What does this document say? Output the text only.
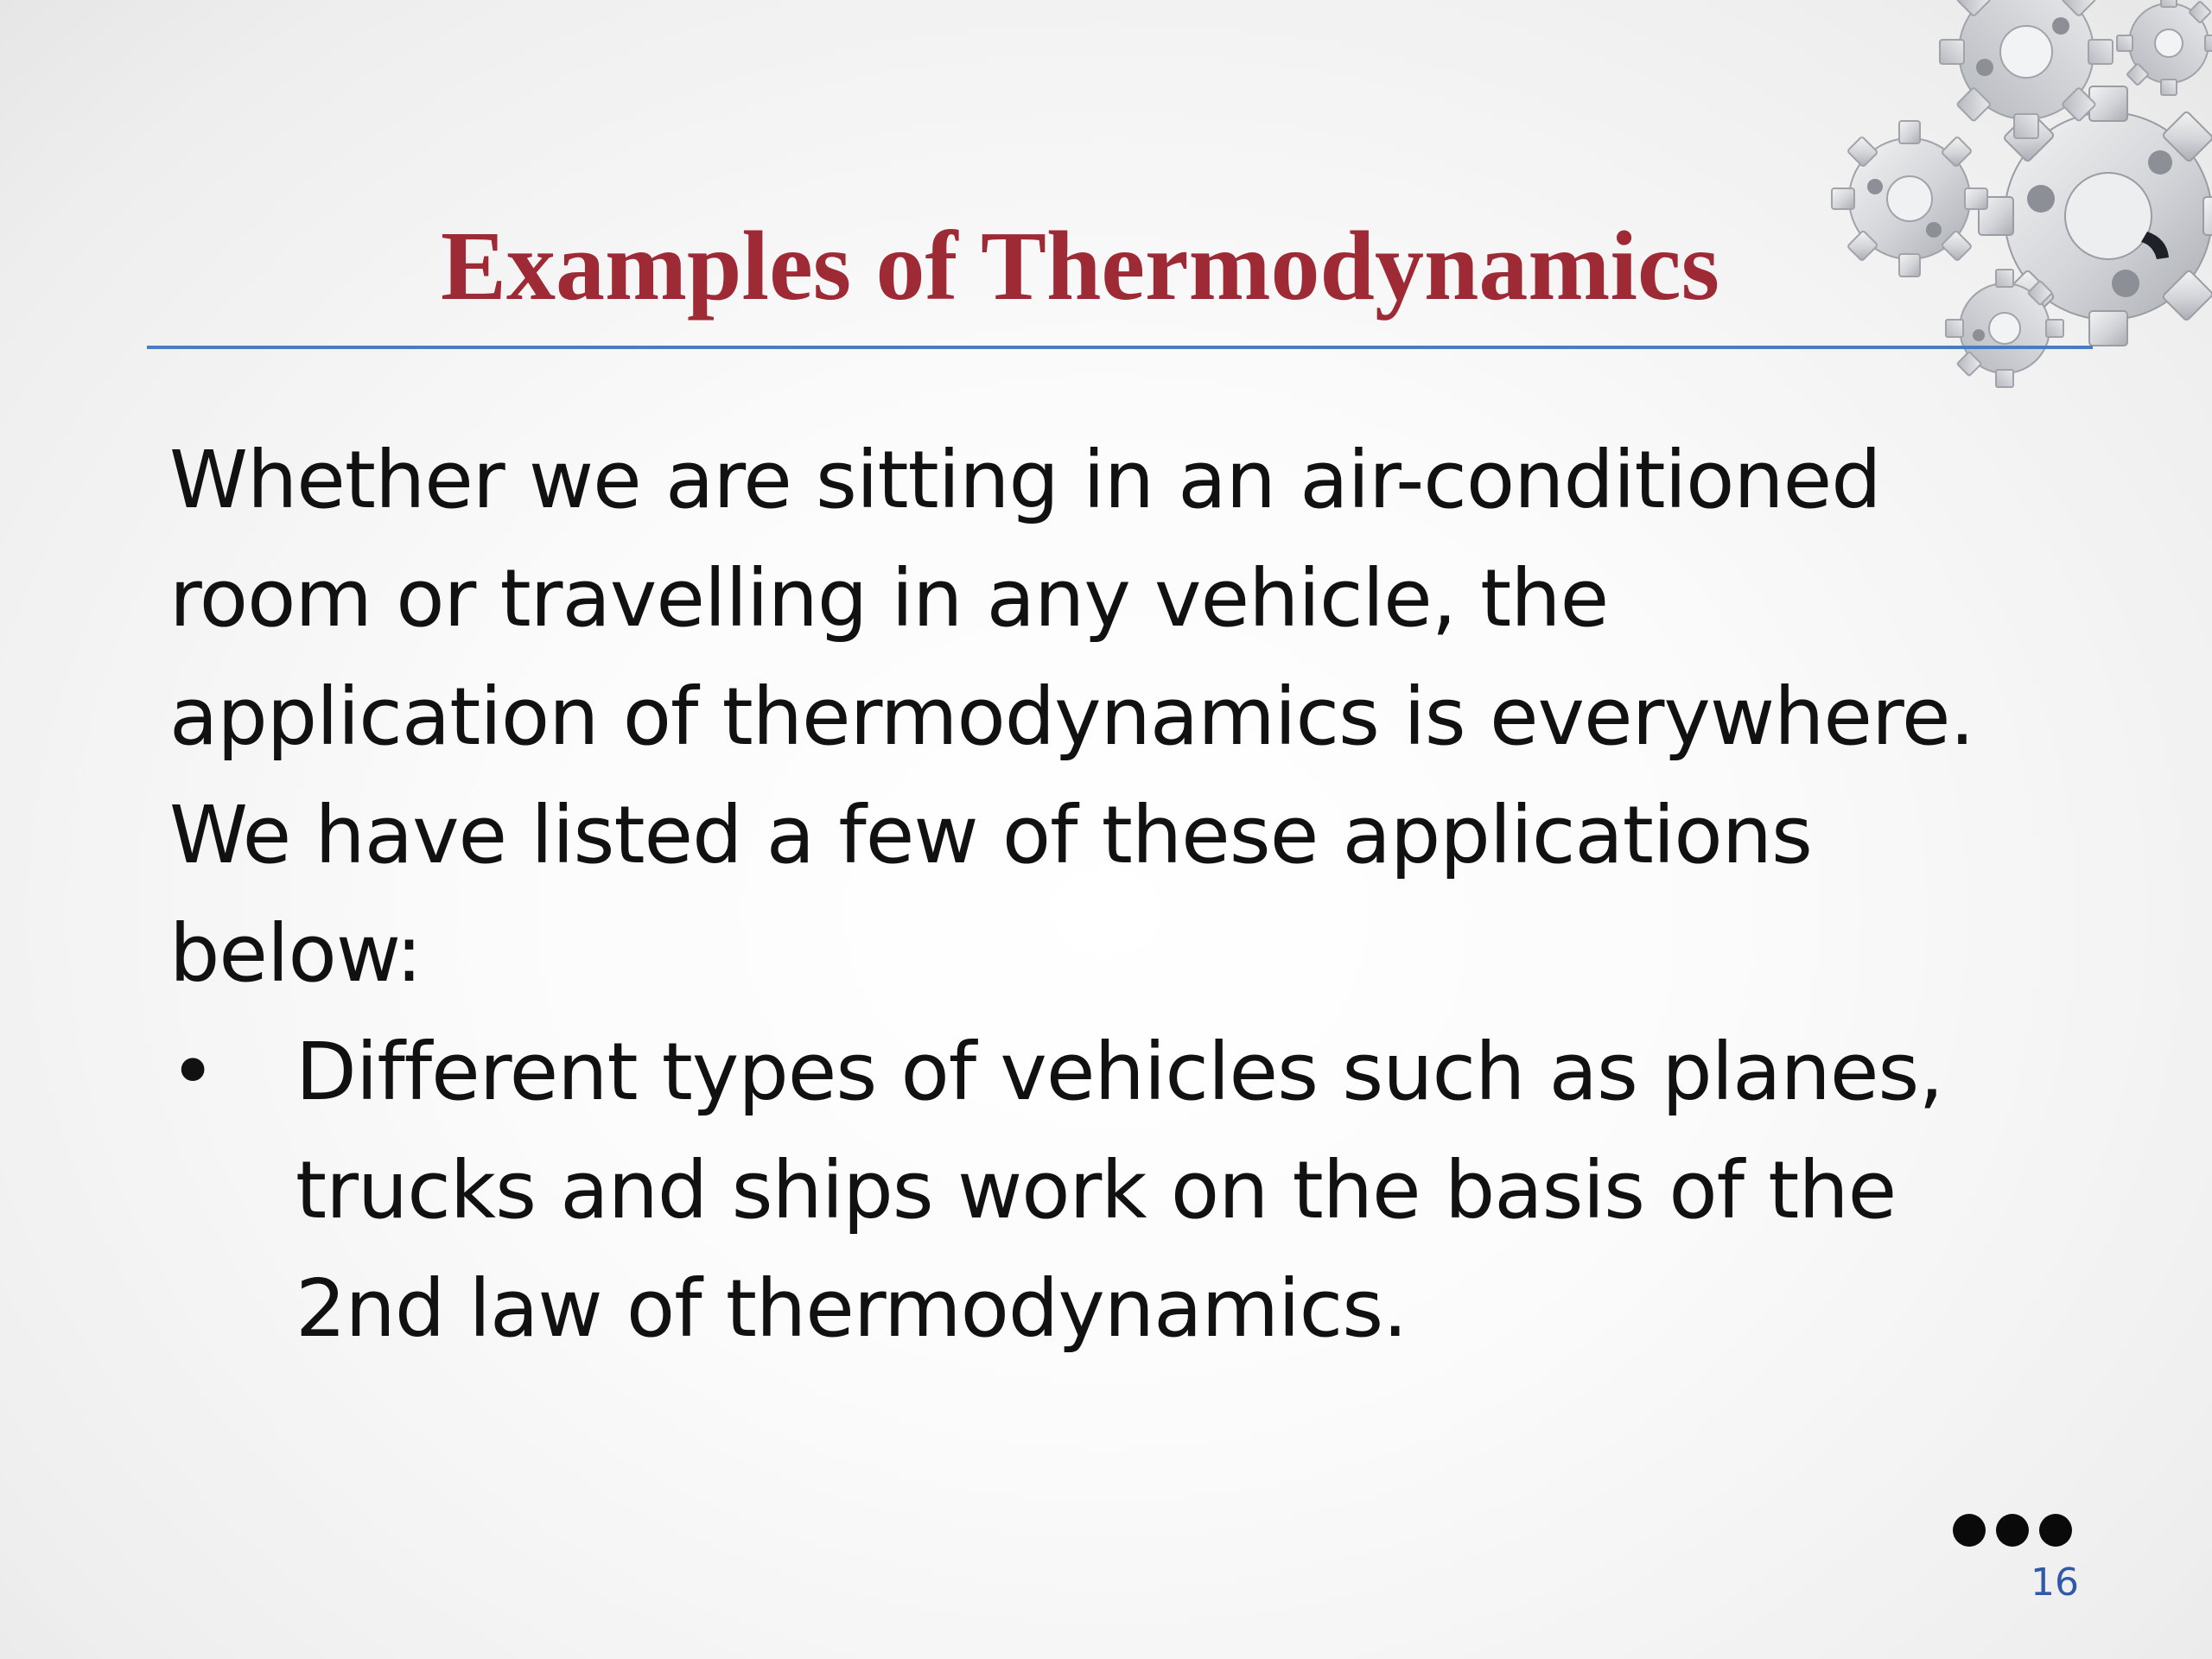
Examples of Thermodynamics

Whether we are sitting in an air-conditioned
room or travelling in any vehicle, the
application of thermodynamics is everywhere.
We have listed a few of these applications
below:

• Different types of vehicles such as planes,
trucks and ships work on the basis of the
2nd law of thermodynamics.
16
